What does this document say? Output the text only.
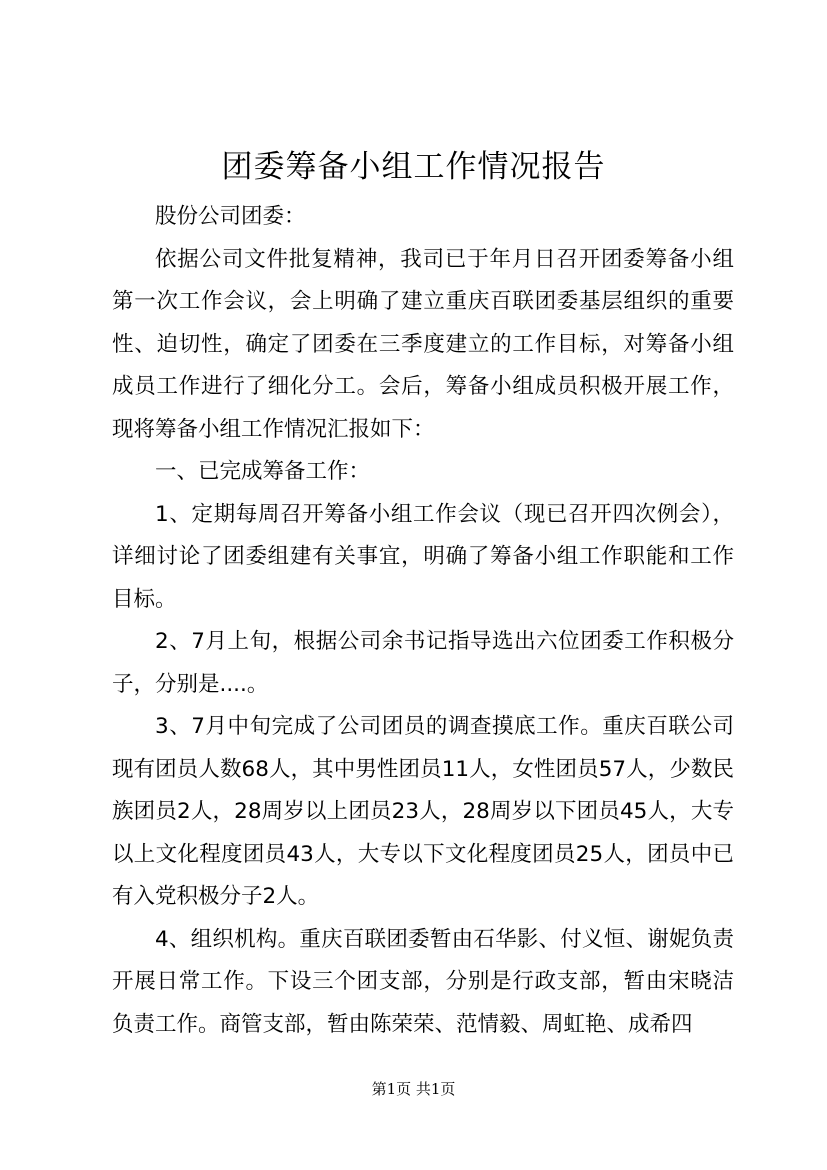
团委筹备小组工作情况报告

股份公司团委：

依据公司文件批复精神，我司已于年月日召开团委筹备小组第一次工作会议，会上明确了建立重庆百联团委基层组织的重要性、迫切性，确定了团委在三季度建立的工作目标，对筹备小组成员工作进行了细化分工。会后，筹备小组成员积极开展工作，现将筹备小组工作情况汇报如下：

一、已完成筹备工作：

1、定期每周召开筹备小组工作会议（现已召开四次例会），详细讨论了团委组建有关事宜，明确了筹备小组工作职能和工作目标。

2、7月上旬，根据公司余书记指导选出六位团委工作积极分子，分别是....。

3、7月中旬完成了公司团员的调查摸底工作。重庆百联公司现有团员人数68人，其中男性团员11人，女性团员57人，少数民族团员2人，28周岁以上团员23人，28周岁以下团员45人，大专以上文化程度团员43人，大专以下文化程度团员25人，团员中已有入党积极分子2人。

4、组织机构。重庆百联团委暂由石华影、付义恒、谢妮负责开展日常工作。下设三个团支部，分别是行政支部，暂由宋晓洁负责工作。商管支部，暂由陈荣荣、范情毅、周虹艳、成希四

第1页 共1页
